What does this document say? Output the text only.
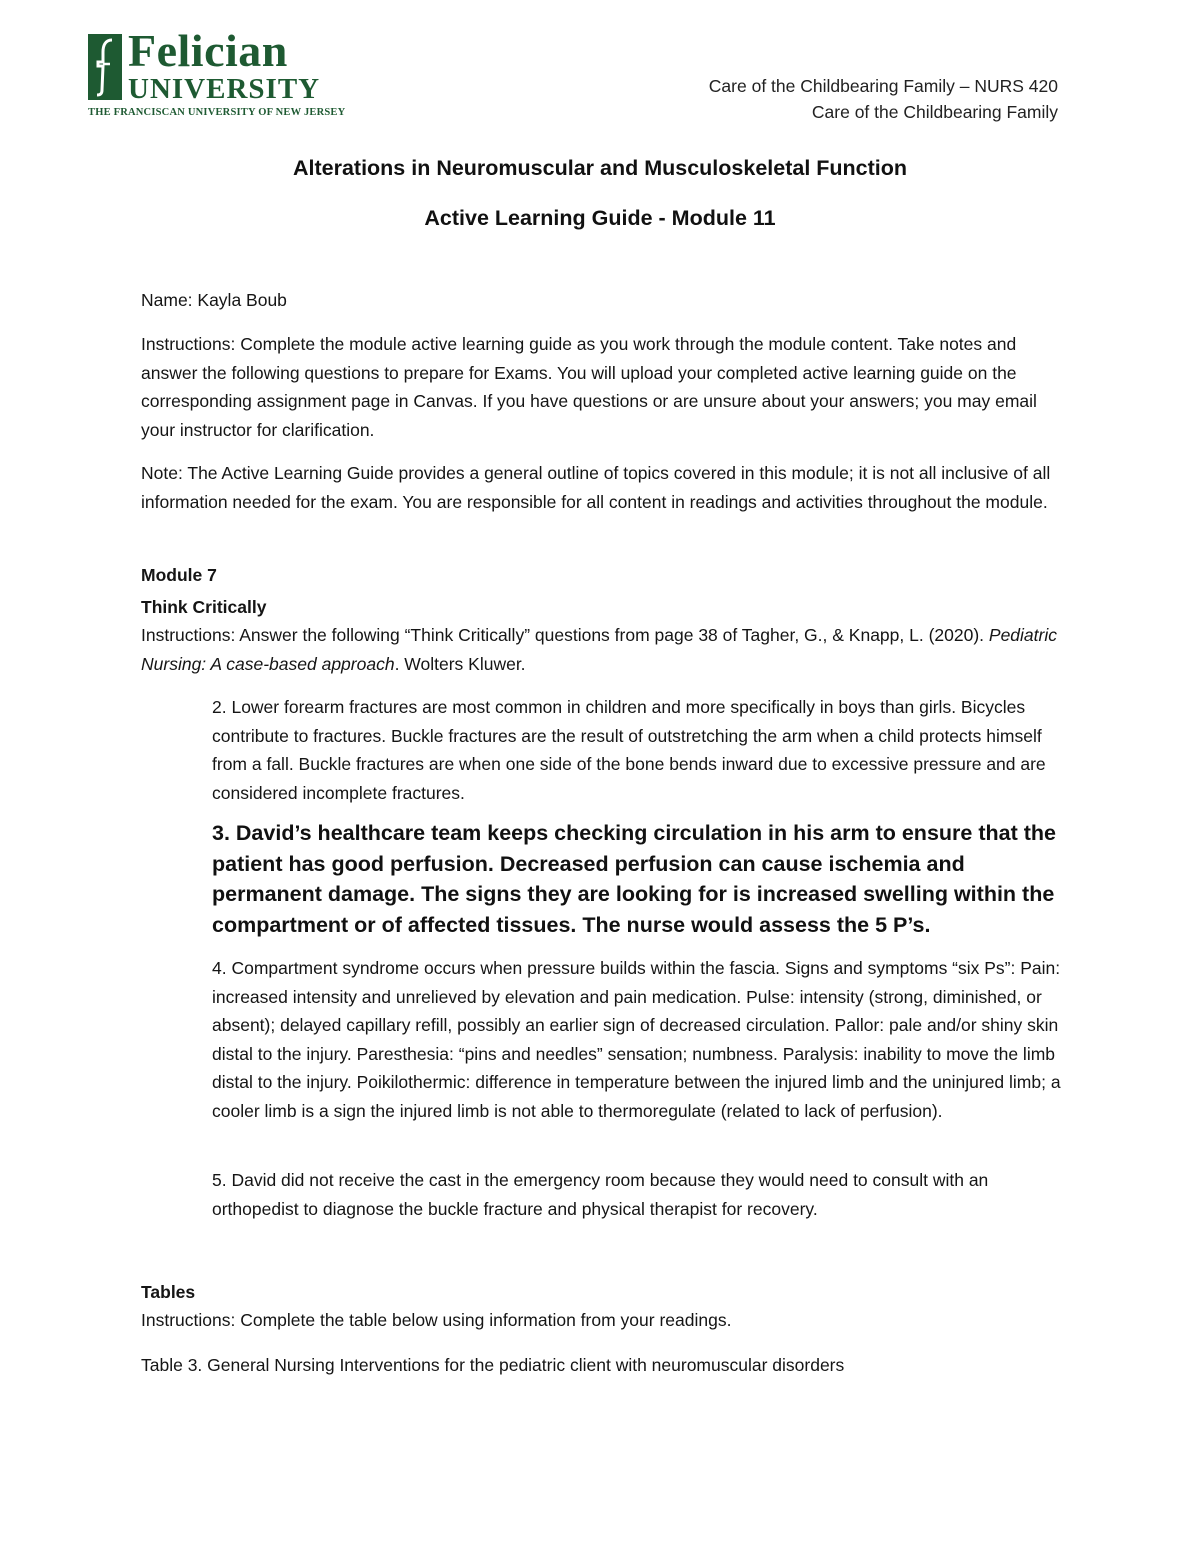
Felician
UNIVERSITY
THE FRANCISCAN UNIVERSITY OF NEW JERSEY
Care of the Childbearing Family – NURS 420
Care of the Childbearing Family
Alterations in Neuromuscular and Musculoskeletal Function
Active Learning Guide - Module 11
Name: Kayla Boub
Instructions: Complete the module active learning guide as you work through the module content. Take notes and answer the following questions to prepare for Exams. You will upload your completed active learning guide on the corresponding assignment page in Canvas. If you have questions or are unsure about your answers; you may email your instructor for clarification.
Note: The Active Learning Guide provides a general outline of topics covered in this module; it is not all inclusive of all information needed for the exam. You are responsible for all content in readings and activities throughout the module.
Module 7
Think Critically
Instructions: Answer the following “Think Critically” questions from page 38 of Tagher, G., & Knapp, L. (2020). Pediatric Nursing: A case-based approach. Wolters Kluwer.
2. Lower forearm fractures are most common in children and more specifically in boys than girls. Bicycles contribute to fractures. Buckle fractures are the result of outstretching the arm when a child protects himself from a fall. Buckle fractures are when one side of the bone bends inward due to excessive pressure and are considered incomplete fractures.
3. David’s healthcare team keeps checking circulation in his arm to ensure that the patient has good perfusion. Decreased perfusion can cause ischemia and permanent damage. The signs they are looking for is increased swelling within the compartment or of affected tissues. The nurse would assess the 5 P’s.
4. Compartment syndrome occurs when pressure builds within the fascia. Signs and symptoms “six Ps”: Pain: increased intensity and unrelieved by elevation and pain medication. Pulse: intensity (strong, diminished, or absent); delayed capillary refill, possibly an earlier sign of decreased circulation. Pallor: pale and/or shiny skin distal to the injury. Paresthesia: “pins and needles” sensation; numbness. Paralysis: inability to move the limb distal to the injury. Poikilothermic: difference in temperature between the injured limb and the uninjured limb; a cooler limb is a sign the injured limb is not able to thermoregulate (related to lack of perfusion).
5. David did not receive the cast in the emergency room because they would need to consult with an orthopedist to diagnose the buckle fracture and physical therapist for recovery.
Tables
Instructions: Complete the table below using information from your readings.
Table 3. General Nursing Interventions for the pediatric client with neuromuscular disorders
